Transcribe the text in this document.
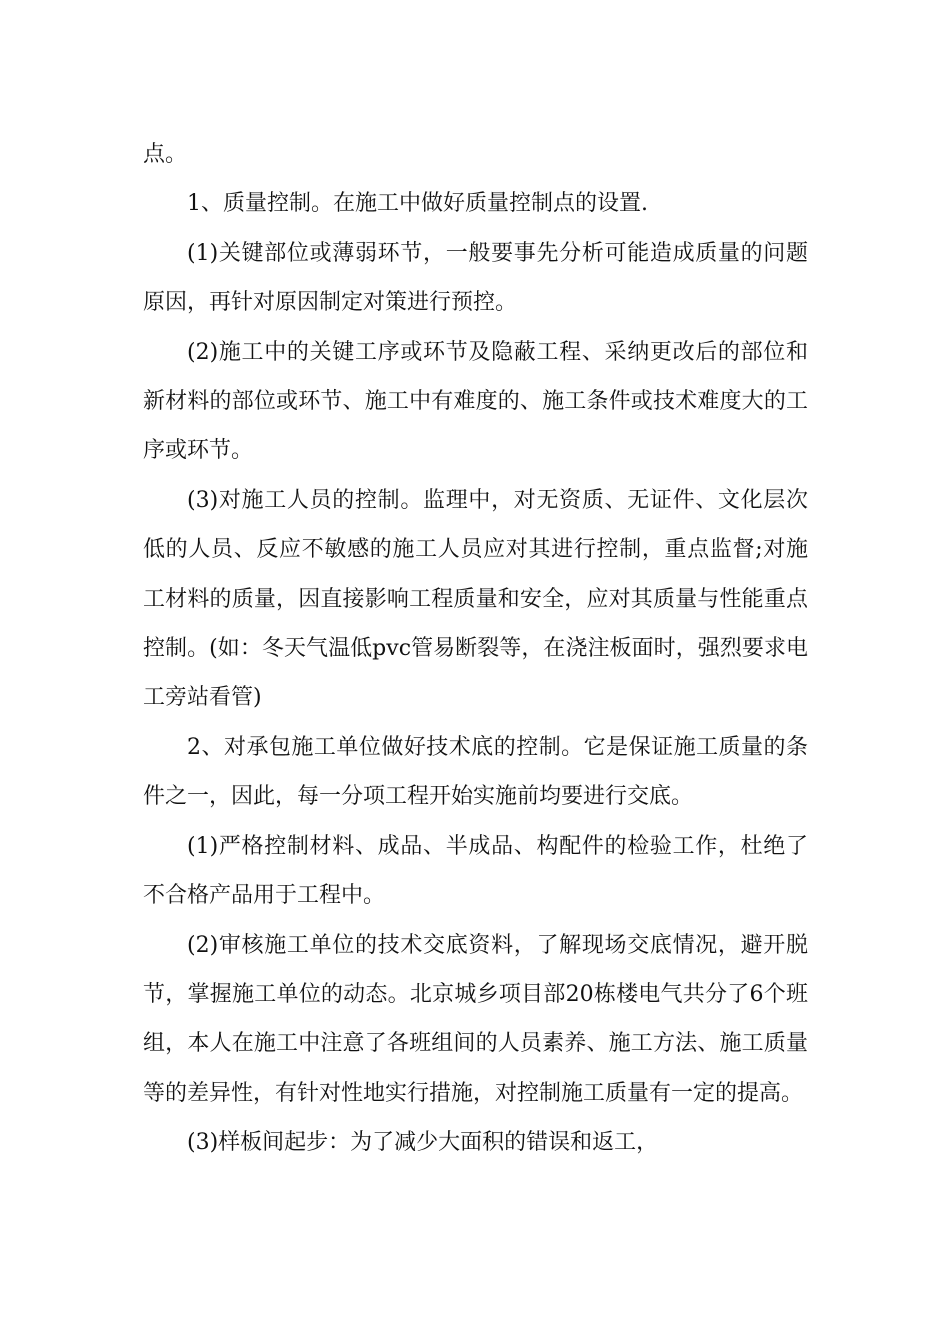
点。

1、质量控制。在施工中做好质量控制点的设置.

(1)关键部位或薄弱环节，一般要事先分析可能造成质量的问题原因，再针对原因制定对策进行预控。

(2)施工中的关键工序或环节及隐蔽工程、采纳更改后的部位和新材料的部位或环节、施工中有难度的、施工条件或技术难度大的工序或环节。

(3)对施工人员的控制。监理中，对无资质、无证件、文化层次低的人员、反应不敏感的施工人员应对其进行控制，重点监督;对施工材料的质量，因直接影响工程质量和安全，应对其质量与性能重点控制。(如：冬天气温低pvc管易断裂等，在浇注板面时，强烈要求电工旁站看管)

2、对承包施工单位做好技术底的控制。它是保证施工质量的条件之一，因此，每一分项工程开始实施前均要进行交底。

(1)严格控制材料、成品、半成品、构配件的检验工作，杜绝了不合格产品用于工程中。

(2)审核施工单位的技术交底资料，了解现场交底情况，避开脱节，掌握施工单位的动态。北京城乡项目部20栋楼电气共分了6个班组，本人在施工中注意了各班组间的人员素养、施工方法、施工质量等的差异性，有针对性地实行措施，对控制施工质量有一定的提高。

(3)样板间起步：为了减少大面积的错误和返工，
